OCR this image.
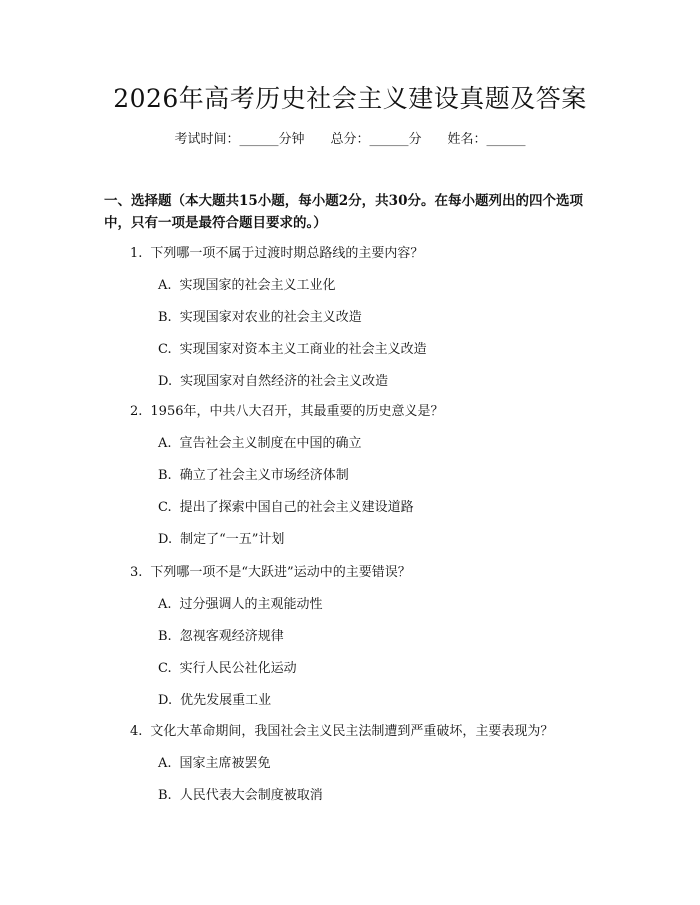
2026年高考历史社会主义建设真题及答案
考试时间：______分钟 总分：______分 姓名：______
一、选择题（本大题共15小题，每小题2分，共30分。在每小题列出的四个选项中，只有一项是最符合题目要求的。）
1. 下列哪一项不属于过渡时期总路线的主要内容？
A. 实现国家的社会主义工业化
B. 实现国家对农业的社会主义改造
C. 实现国家对资本主义工商业的社会主义改造
D. 实现国家对自然经济的社会主义改造
2. 1956年，中共八大召开，其最重要的历史意义是？
A. 宣告社会主义制度在中国的确立
B. 确立了社会主义市场经济体制
C. 提出了探索中国自己的社会主义建设道路
D. 制定了“一五”计划
3. 下列哪一项不是“大跃进”运动中的主要错误？
A. 过分强调人的主观能动性
B. 忽视客观经济规律
C. 实行人民公社化运动
D. 优先发展重工业
4. 文化大革命期间，我国社会主义民主法制遭到严重破坏，主要表现为？
A. 国家主席被罢免
B. 人民代表大会制度被取消
